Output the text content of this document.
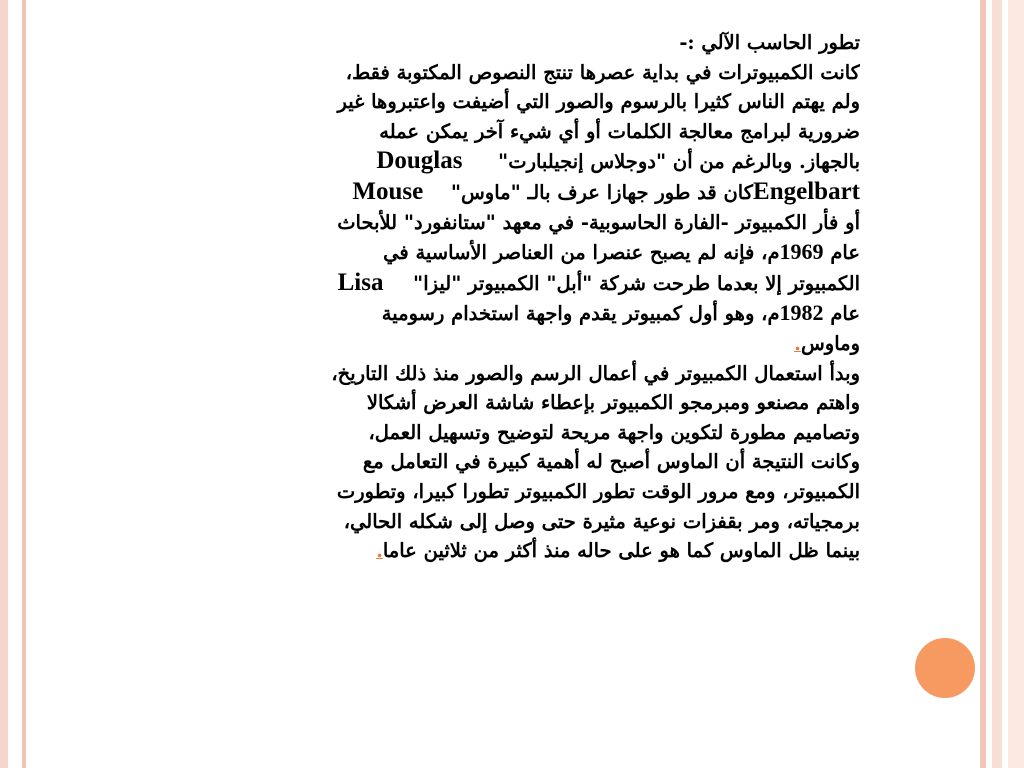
تطور الحاسب الآلي :-
كانت الكمبيوترات في بداية عصرها تنتج النصوص المكتوبة فقط،
ولم يهتم الناس كثيرا بالرسوم والصور التي أضيفت واعتبروها غير
ضرورية لبرامج معالجة الكلمات أو أي شيء آخر يمكن عمله
بالجهاز. وبالرغم من أن "دوجلاس إنجيلبارت"  Douglas
Engelbartكان قد طور جهازا عرف بالـ "ماوس"  Mouse
أو فأر الكمبيوتر -الفارة الحاسوبية- في معهد "ستانفورد" للأبحاث
عام 1969م، فإنه لم يصبح عنصرا من العناصر الأساسية في
الكمبيوتر إلا بعدما طرحت شركة "أبل" الكمبيوتر "ليزا"  Lisa
عام 1982م، وهو أول كمبيوتر يقدم واجهة استخدام رسومية
وماوس.
وبدأ استعمال الكمبيوتر في أعمال الرسم والصور منذ ذلك التاريخ،
واهتم مصنعو ومبرمجو الكمبيوتر بإعطاء شاشة العرض أشكالا
وتصاميم مطورة لتكوين واجهة مريحة لتوضيح وتسهيل العمل،
وكانت النتيجة أن الماوس أصبح له أهمية كبيرة في التعامل مع
الكمبيوتر، ومع مرور الوقت تطور الكمبيوتر تطورا كبيرا، وتطورت
برمجياته، ومر بقفزات نوعية مثيرة حتى وصل إلى شكله الحالي،
بينما ظل الماوس كما هو على حاله منذ أكثر من ثلاثين عاما.
